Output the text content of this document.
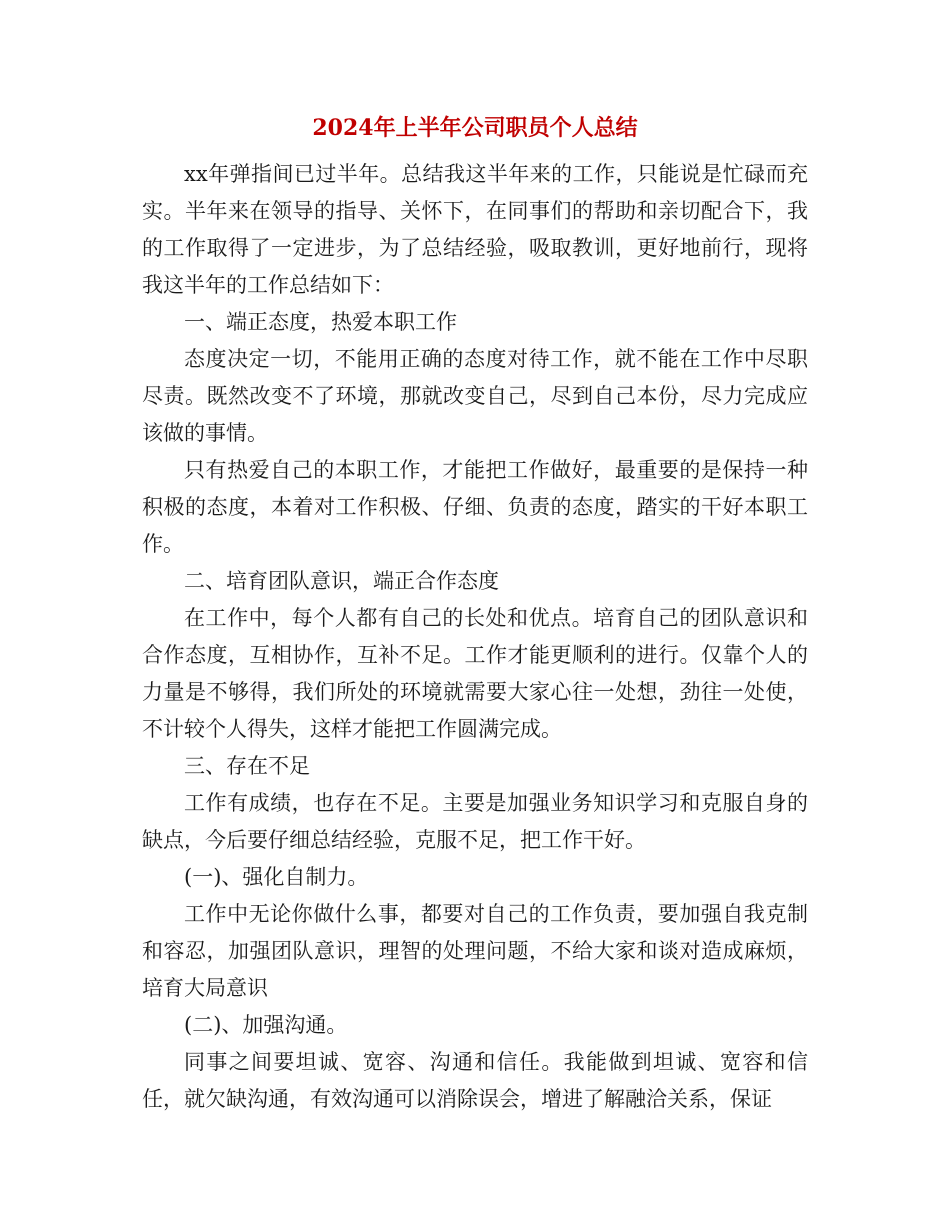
2024年上半年公司职员个人总结

xx年弹指间已过半年。总结我这半年来的工作，只能说是忙碌而充实。半年来在领导的指导、关怀下，在同事们的帮助和亲切配合下，我的工作取得了一定进步，为了总结经验，吸取教训，更好地前行，现将我这半年的工作总结如下：

一、端正态度，热爱本职工作

态度决定一切，不能用正确的态度对待工作，就不能在工作中尽职尽责。既然改变不了环境，那就改变自己，尽到自己本份，尽力完成应该做的事情。

只有热爱自己的本职工作，才能把工作做好，最重要的是保持一种积极的态度，本着对工作积极、仔细、负责的态度，踏实的干好本职工作。

二、培育团队意识，端正合作态度

在工作中，每个人都有自己的长处和优点。培育自己的团队意识和合作态度，互相协作，互补不足。工作才能更顺利的进行。仅靠个人的力量是不够得，我们所处的环境就需要大家心往一处想，劲往一处使，不计较个人得失，这样才能把工作圆满完成。

三、存在不足

工作有成绩，也存在不足。主要是加强业务知识学习和克服自身的缺点，今后要仔细总结经验，克服不足，把工作干好。

(一)、强化自制力。

工作中无论你做什么事，都要对自己的工作负责，要加强自我克制和容忍，加强团队意识，理智的处理问题，不给大家和谈对造成麻烦，培育大局意识

(二)、加强沟通。

同事之间要坦诚、宽容、沟通和信任。我能做到坦诚、宽容和信任，就欠缺沟通，有效沟通可以消除误会，增进了解融洽关系，保证
